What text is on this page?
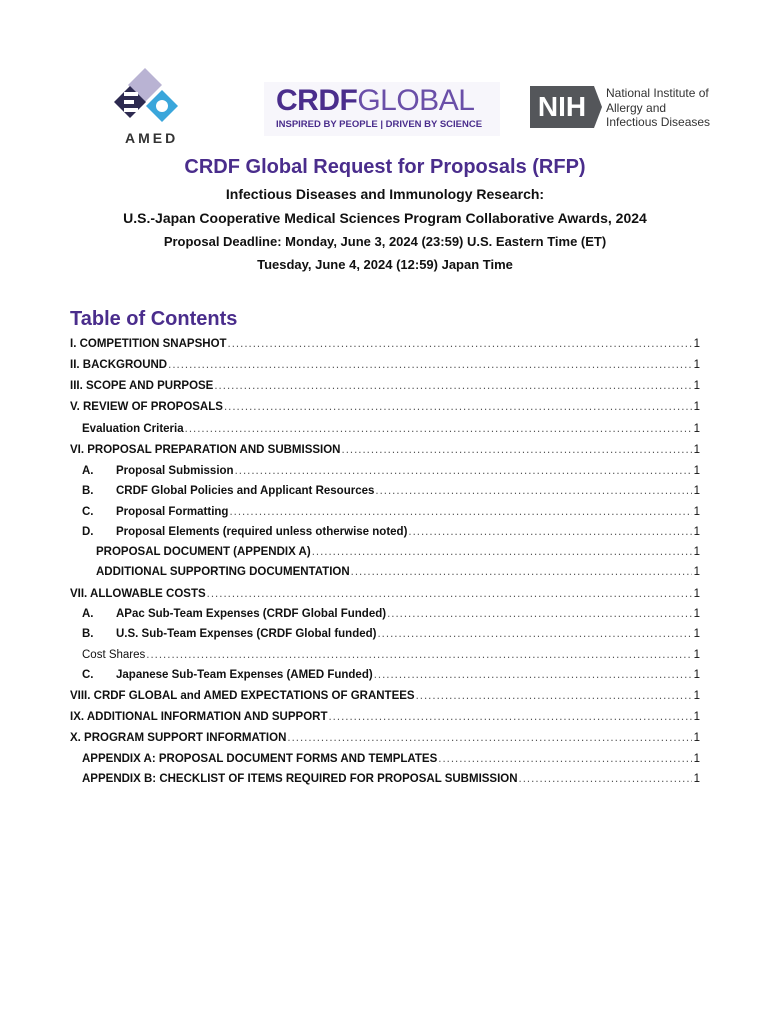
AMED
CRDFGLOBAL
INSPIRED BY PEOPLE | DRIVEN BY SCIENCE
NIH	National Institute of
Allergy and
Infectious Diseases
CRDF Global Request for Proposals (RFP)
Infectious Diseases and Immunology Research:
U.S.-Japan Cooperative Medical Sciences Program Collaborative Awards, 2024
Proposal Deadline: Monday, June 3, 2024 (23:59) U.S. Eastern Time (ET)
Tuesday, June 4, 2024 (12:59) Japan Time
Table of Contents
I. COMPETITION SNAPSHOT .....	1
II. BACKGROUND .....	1
III. SCOPE AND PURPOSE .....	1
V. REVIEW OF PROPOSALS .....	1
Evaluation Criteria .....	1
VI. PROPOSAL PREPARATION AND SUBMISSION .....	1
A. Proposal Submission .....	1
B. CRDF Global Policies and Applicant Resources .....	1
C. Proposal Formatting .....	1
D. Proposal Elements (required unless otherwise noted) .....	1
PROPOSAL DOCUMENT (APPENDIX A) .....	1
ADDITIONAL SUPPORTING DOCUMENTATION .....	1
VII. ALLOWABLE COSTS .....	1
A. APac Sub-Team Expenses (CRDF Global Funded) .....	1
B. U.S. Sub-Team Expenses (CRDF Global funded) .....	1
Cost Shares .....	1
C. Japanese Sub-Team Expenses (AMED Funded) .....	1
VIII. CRDF GLOBAL and AMED EXPECTATIONS OF GRANTEES .....	1
IX. ADDITIONAL INFORMATION AND SUPPORT .....	1
X. PROGRAM SUPPORT INFORMATION .....	1
APPENDIX A: PROPOSAL DOCUMENT FORMS AND TEMPLATES .....	1
APPENDIX B: CHECKLIST OF ITEMS REQUIRED FOR PROPOSAL SUBMISSION .....	1
